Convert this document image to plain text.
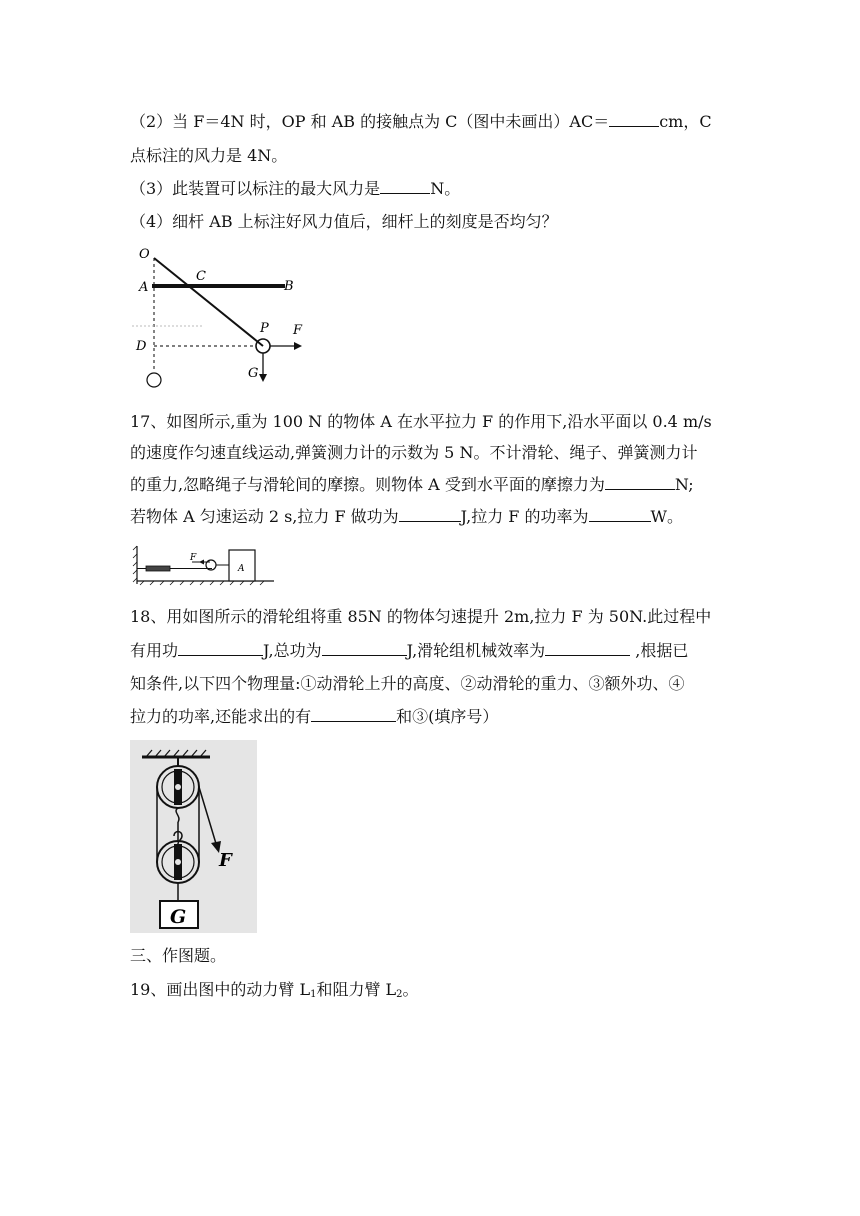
（2）当 F＝4N 时，OP 和 AB 的接触点为 C（图中未画出）AC＝	cm，C
点标注的风力是 4N。
（3）此装置可以标注的最大风力是	N。
（4）细杆 AB 上标注好风力值后，细杆上的刻度是否均匀？
O
C
A	B
P F
D
G
17、如图所示,重为 100 N 的物体 A 在水平拉力 F 的作用下,沿水平面以 0.4 m/s
的速度作匀速直线运动,弹簧测力计的示数为 5 N。不计滑轮、绳子、弹簧测力计
的重力,忽略绳子与滑轮间的摩擦。则物体 A 受到水平面的摩擦力为	N;
若物体 A 匀速运动 2 s,拉力 F 做功为	J,拉力 F 的功率为	W。
F
A
18、用如图所示的滑轮组将重 85N 的物体匀速提升 2m,拉力 F 为 50N.此过程中
有用功	J,总功为	J,滑轮组机械效率为	,根据已
知条件,以下四个物理量:①动滑轮上升的高度、②动滑轮的重力、③额外功、④
拉力的功率,还能求出的有	和③(填序号）
F
G
三、作图题。
19、画出图中的动力臂 $L_1$和阻力臂 $L_2$。
